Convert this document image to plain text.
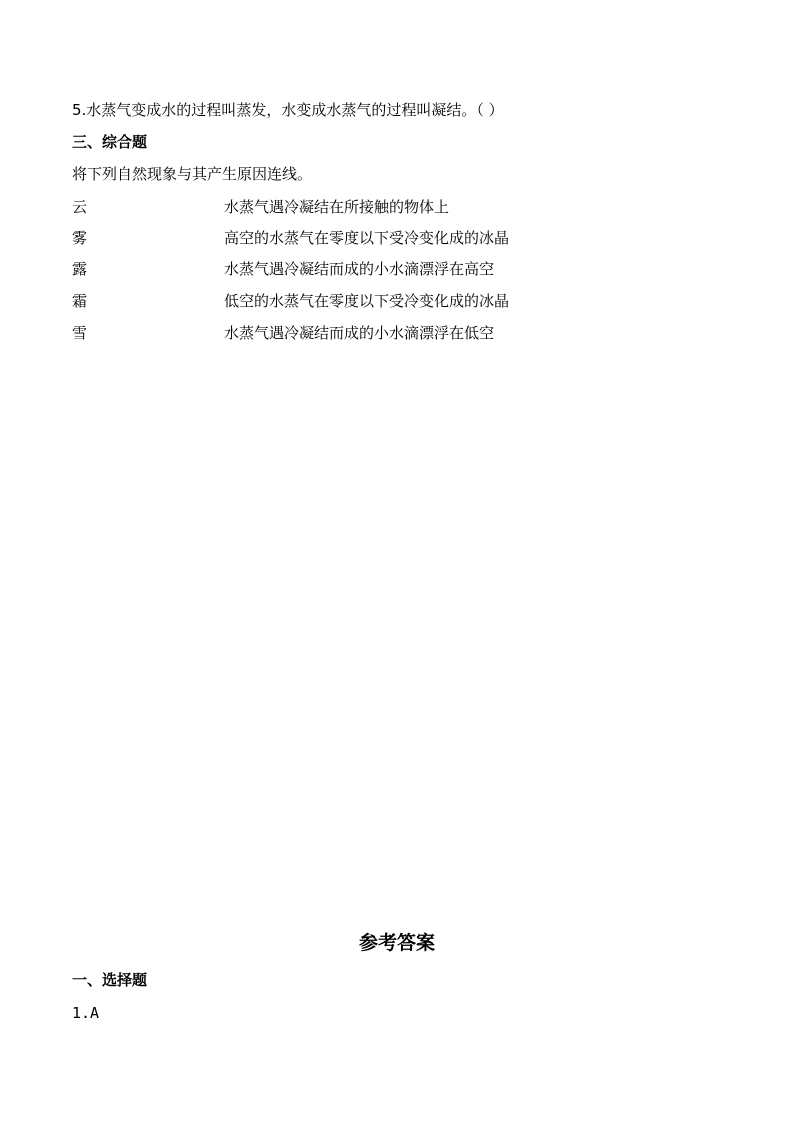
5.水蒸气变成水的过程叫蒸发，水变成水蒸气的过程叫凝结。（ ）
三、综合题
将下列自然现象与其产生原因连线。
云	水蒸气遇冷凝结在所接触的物体上
雾	高空的水蒸气在零度以下受冷变化成的冰晶
露	水蒸气遇冷凝结而成的小水滴漂浮在高空
霜	低空的水蒸气在零度以下受冷变化成的冰晶
雪	水蒸气遇冷凝结而成的小水滴漂浮在低空
参考答案
一、选择题
1.A
